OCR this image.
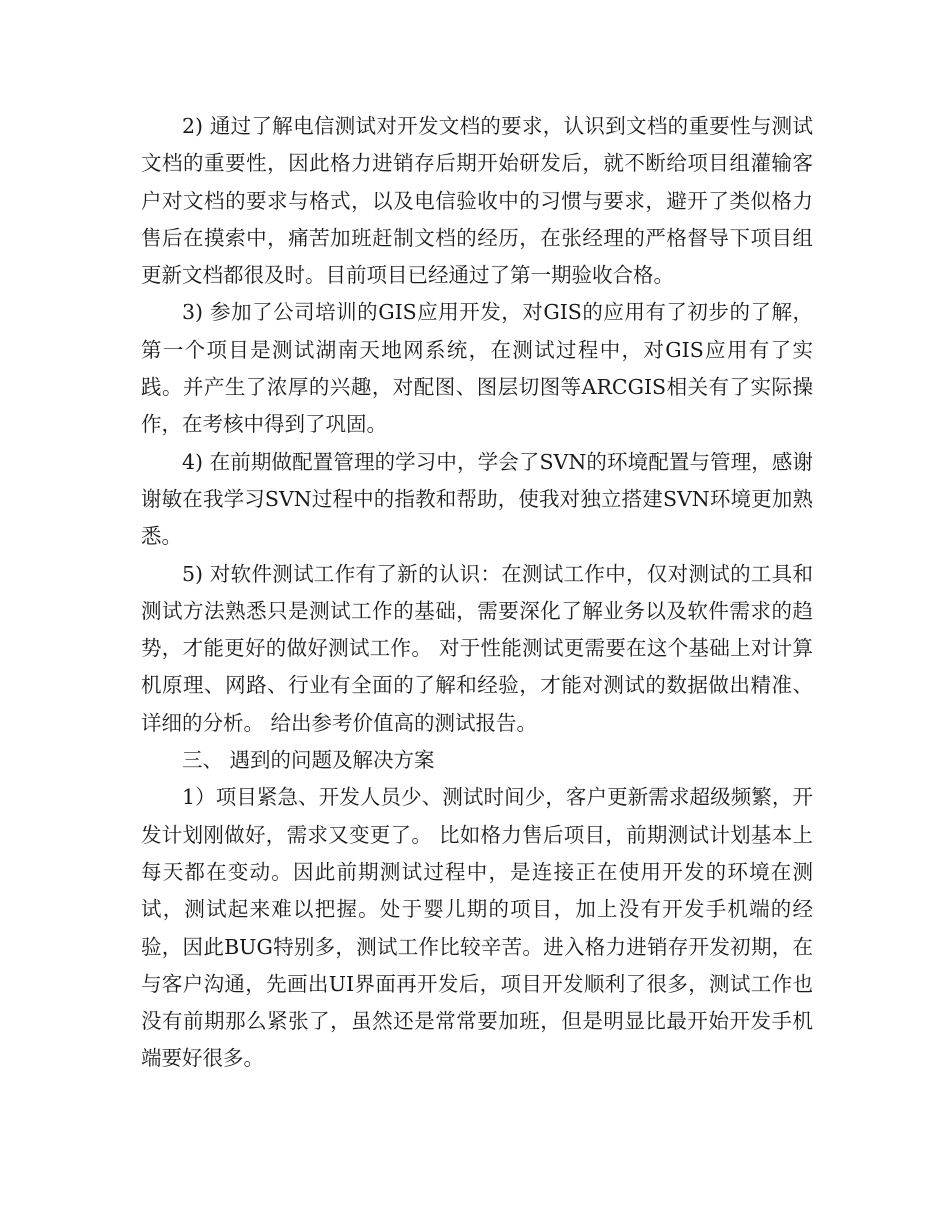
2) 通过了解电信测试对开发文档的要求，认识到文档的重要性与测试文档的重要性，因此格力进销存后期开始研发后，就不断给项目组灌输客户对文档的要求与格式，以及电信验收中的习惯与要求，避开了类似格力售后在摸索中，痛苦加班赶制文档的经历，在张经理的严格督导下项目组更新文档都很及时。目前项目已经通过了第一期验收合格。

3) 参加了公司培训的GIS应用开发，对GIS的应用有了初步的了解，第一个项目是测试湖南天地网系统，在测试过程中，对GIS应用有了实践。并产生了浓厚的兴趣，对配图、图层切图等ARCGIS相关有了实际操作，在考核中得到了巩固。

4) 在前期做配置管理的学习中，学会了SVN的环境配置与管理，感谢谢敏在我学习SVN过程中的指教和帮助，使我对独立搭建SVN环境更加熟悉。

5) 对软件测试工作有了新的认识：在测试工作中，仅对测试的工具和测试方法熟悉只是测试工作的基础，需要深化了解业务以及软件需求的趋势，才能更好的做好测试工作。 对于性能测试更需要在这个基础上对计算机原理、网路、行业有全面的了解和经验，才能对测试的数据做出精准、详细的分析。 给出参考价值高的测试报告。

三、 遇到的问题及解决方案

1）项目紧急、开发人员少、测试时间少，客户更新需求超级频繁，开发计划刚做好，需求又变更了。 比如格力售后项目，前期测试计划基本上每天都在变动。因此前期测试过程中，是连接正在使用开发的环境在测试，测试起来难以把握。处于婴儿期的项目，加上没有开发手机端的经验，因此BUG特别多，测试工作比较辛苦。进入格力进销存开发初期，在与客户沟通，先画出UI界面再开发后，项目开发顺利了很多，测试工作也没有前期那么紧张了，虽然还是常常要加班，但是明显比最开始开发手机端要好很多。
